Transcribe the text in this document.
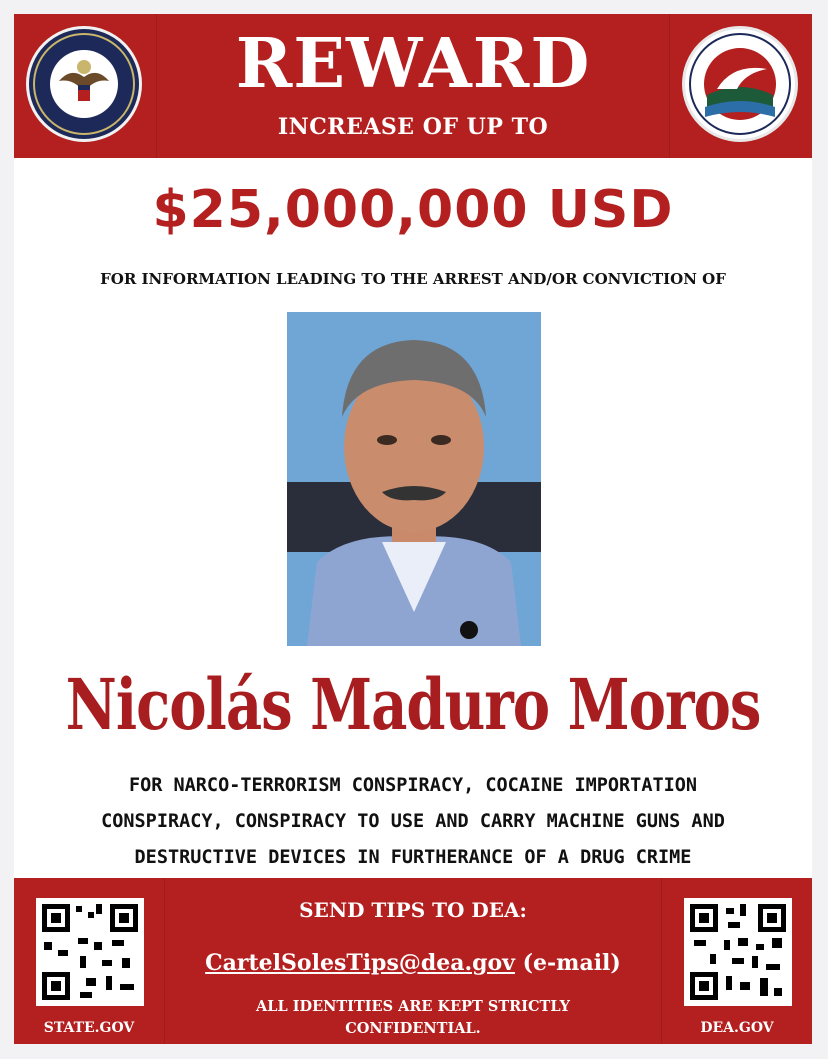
REWARD
INCREASE OF UP TO
$25,000,000 USD
FOR INFORMATION LEADING TO THE ARREST AND/OR CONVICTION OF
Nicolás Maduro Moros
FOR NARCO-TERRORISM CONSPIRACY, COCAINE IMPORTATION
CONSPIRACY, CONSPIRACY TO USE AND CARRY MACHINE GUNS AND
DESTRUCTIVE DEVICES IN FURTHERANCE OF A DRUG CRIME
STATE.GOV
SEND TIPS TO DEA:
CartelSolesTips@dea.gov (e-mail)
ALL IDENTITIES ARE KEPT STRICTLY
CONFIDENTIAL.	DEA.GOV
